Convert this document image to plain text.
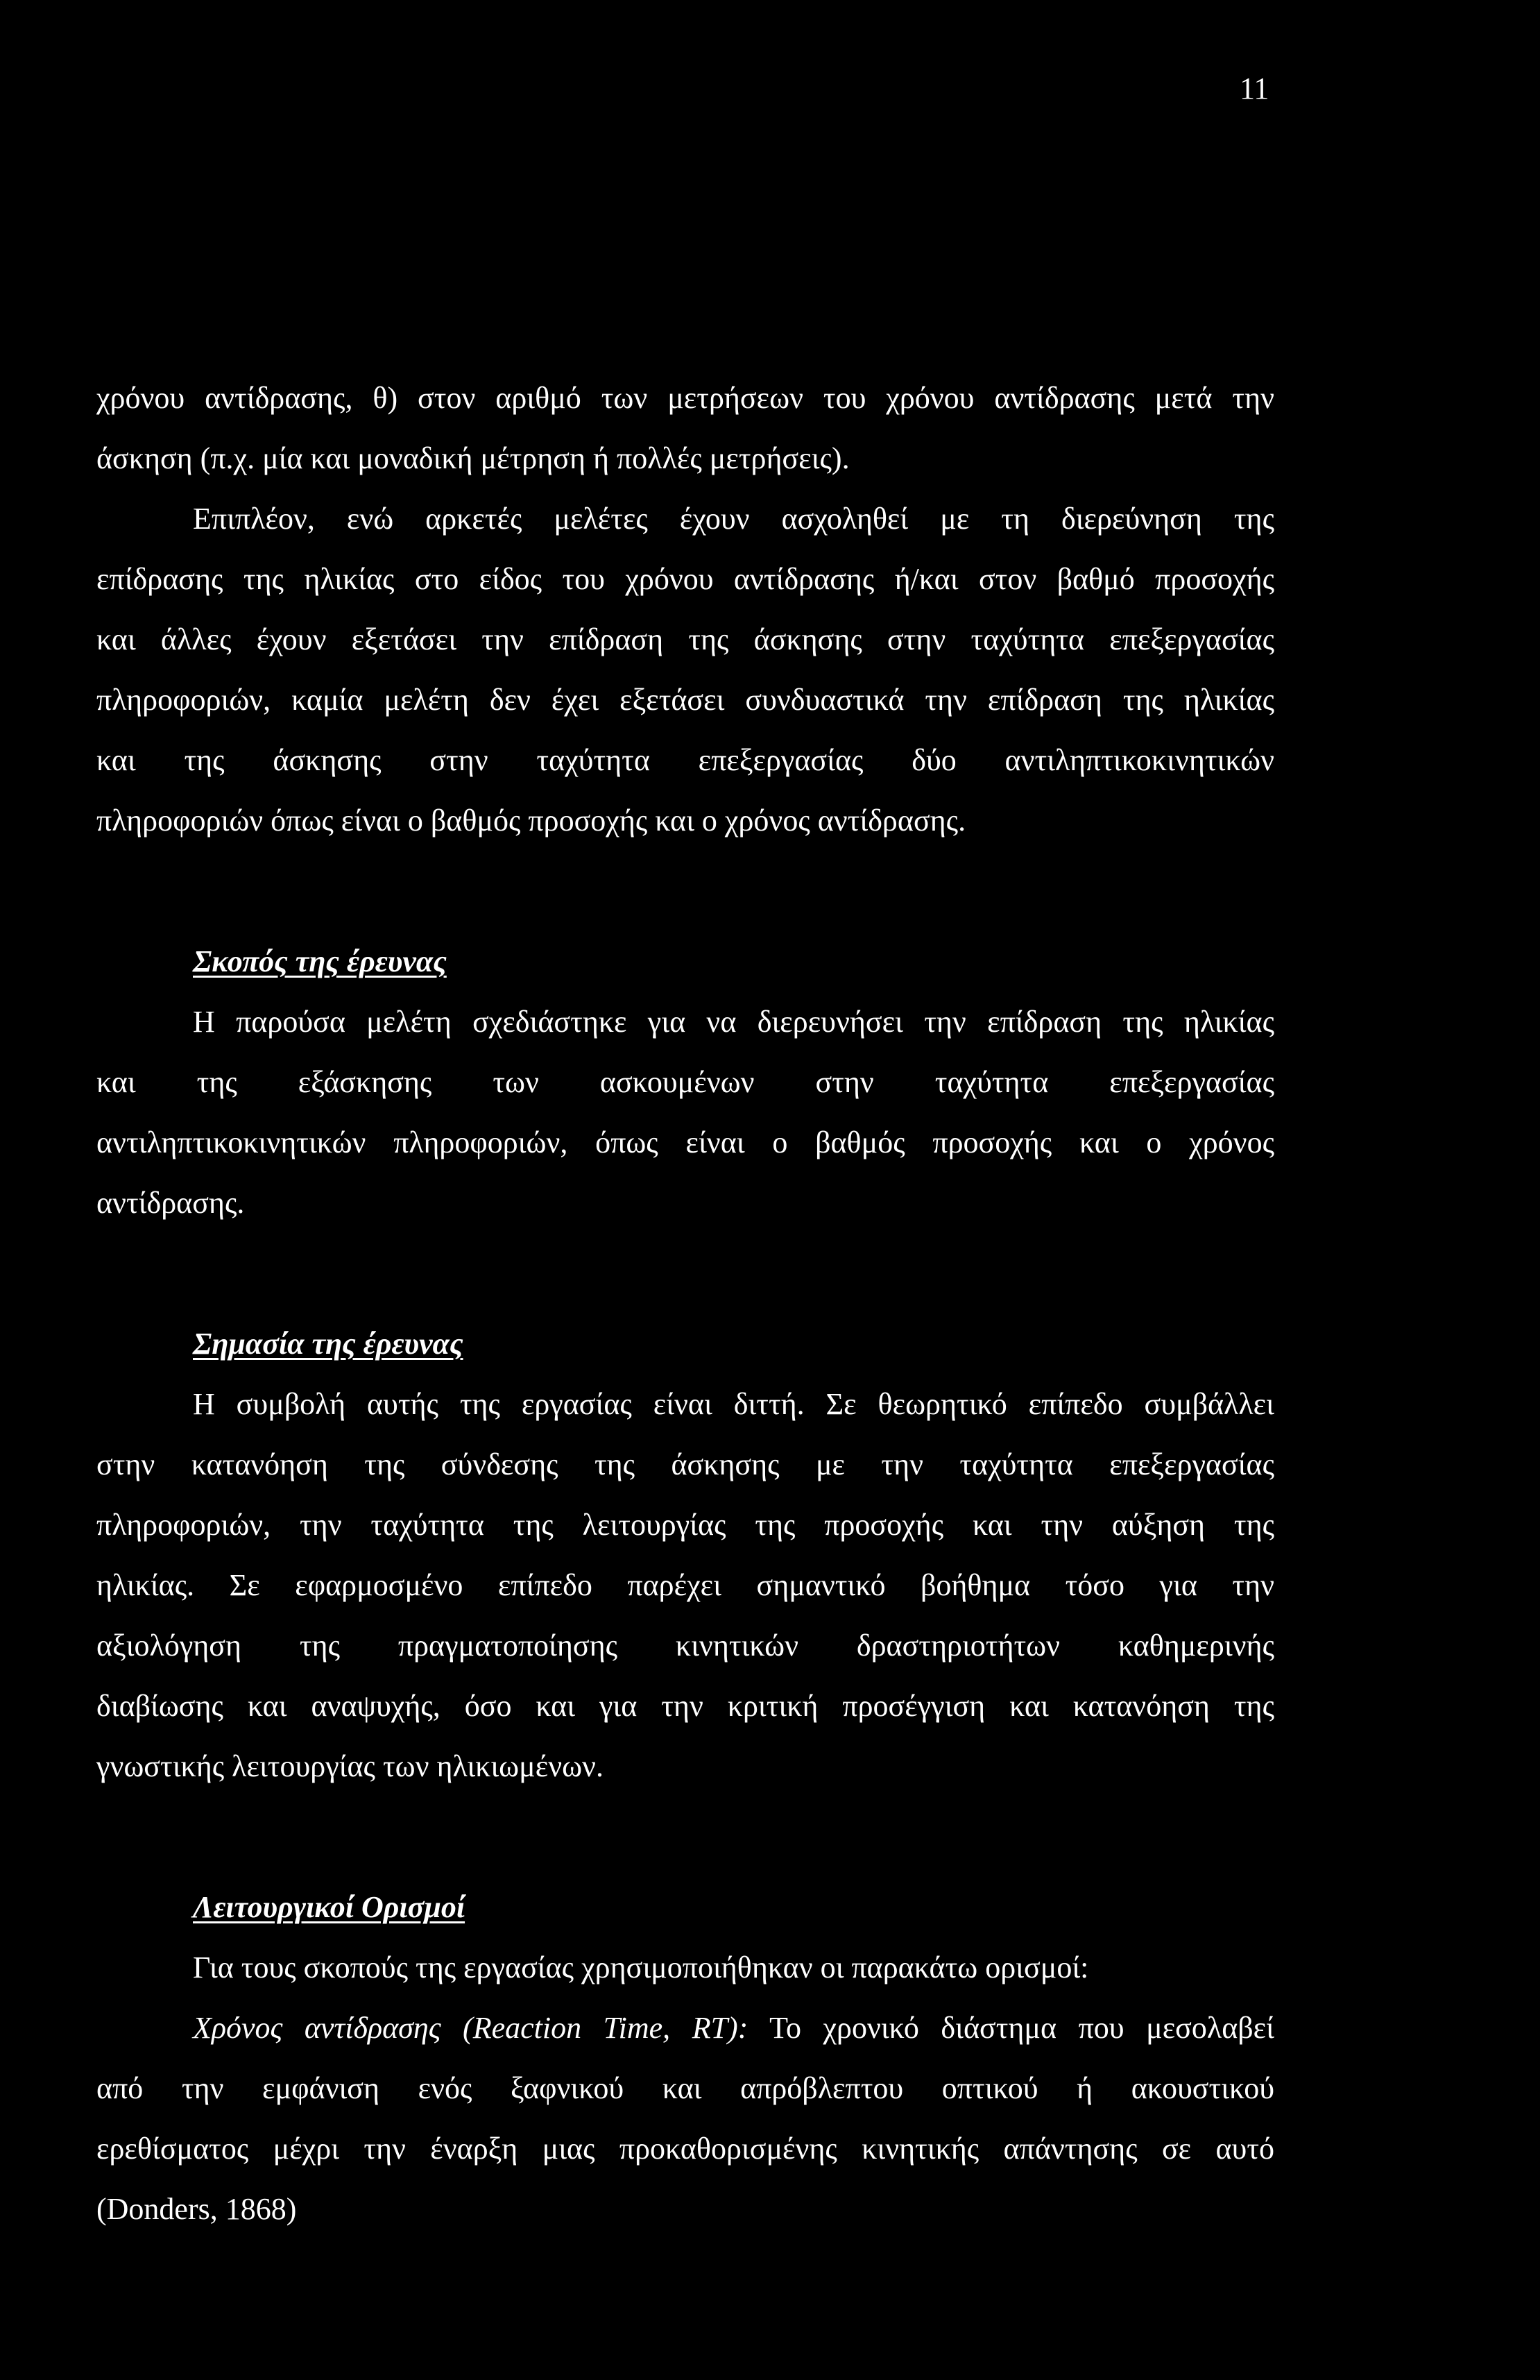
11
χρόνου αντίδρασης, θ) στον αριθμό των μετρήσεων του χρόνου αντίδρασης μετά την
άσκηση (π.χ. μία και μοναδική μέτρηση ή πολλές μετρήσεις).
Επιπλέον, ενώ αρκετές μελέτες έχουν ασχοληθεί με τη διερεύνηση της
επίδρασης της ηλικίας στο είδος του χρόνου αντίδρασης ή/και στον βαθμό προσοχής
και άλλες έχουν εξετάσει την επίδραση της άσκησης στην ταχύτητα επεξεργασίας
πληροφοριών, καμία μελέτη δεν έχει εξετάσει συνδυαστικά την επίδραση της ηλικίας
και της άσκησης στην ταχύτητα επεξεργασίας δύο αντιληπτικοκινητικών
πληροφοριών όπως είναι ο βαθμός προσοχής και ο χρόνος αντίδρασης.
Σκοπός της έρευνας
Η παρούσα μελέτη σχεδιάστηκε για να διερευνήσει την επίδραση της ηλικίας
και της εξάσκησης των ασκουμένων στην ταχύτητα επεξεργασίας
αντιληπτικοκινητικών πληροφοριών, όπως είναι ο βαθμός προσοχής και ο χρόνος
αντίδρασης.
Σημασία της έρευνας
Η συμβολή αυτής της εργασίας είναι διττή. Σε θεωρητικό επίπεδο συμβάλλει
στην κατανόηση της σύνδεσης της άσκησης με την ταχύτητα επεξεργασίας
πληροφοριών, την ταχύτητα της λειτουργίας της προσοχής και την αύξηση της
ηλικίας. Σε εφαρμοσμένο επίπεδο παρέχει σημαντικό βοήθημα τόσο για την
αξιολόγηση της πραγματοποίησης κινητικών δραστηριοτήτων καθημερινής
διαβίωσης και αναψυχής, όσο και για την κριτική προσέγγιση και κατανόηση της
γνωστικής λειτουργίας των ηλικιωμένων.
Λειτουργικοί Ορισμοί
Για τους σκοπούς της εργασίας χρησιμοποιήθηκαν οι παρακάτω ορισμοί:
Χρόνος αντίδρασης (Reaction Time, RT): Το χρονικό διάστημα που μεσολαβεί
από την εμφάνιση ενός ξαφνικού και απρόβλεπτου οπτικού ή ακουστικού
ερεθίσματος μέχρι την έναρξη μιας προκαθορισμένης κινητικής απάντησης σε αυτό
(Donders, 1868)
